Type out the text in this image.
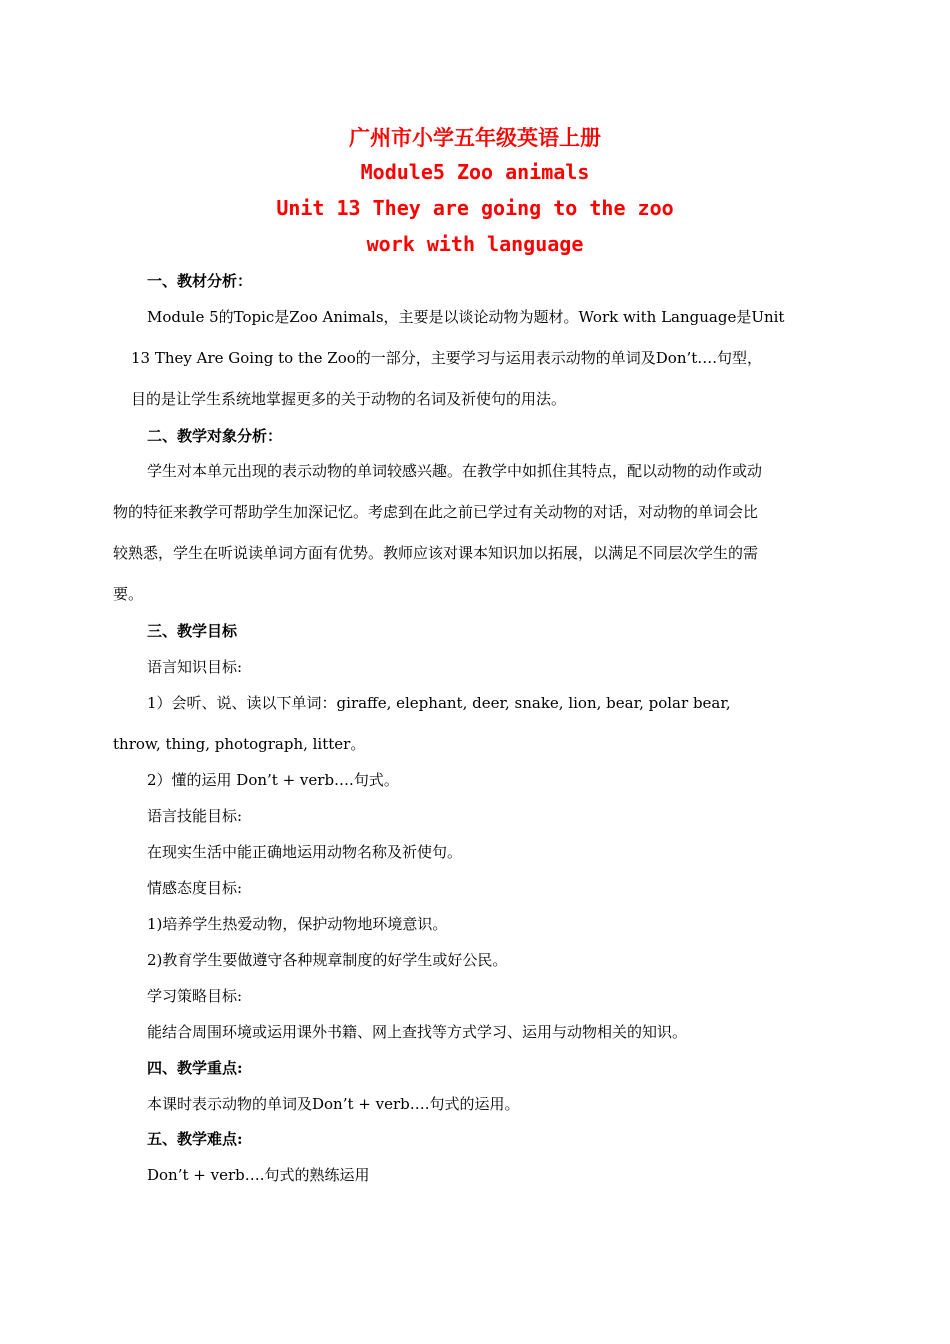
广州市小学五年级英语上册
Module5 Zoo animals
Unit 13 They are going to the zoo
work with language
一、教材分析：
Module 5的Topic是Zoo Animals，主要是以谈论动物为题材。Work with Language是Unit
13 They Are Going to the Zoo的一部分，主要学习与运用表示动物的单词及Don’t….句型，
目的是让学生系统地掌握更多的关于动物的名词及祈使句的用法。
二、教学对象分析：
学生对本单元出现的表示动物的单词较感兴趣。在教学中如抓住其特点，配以动物的动作或动
物的特征来教学可帮助学生加深记忆。考虑到在此之前已学过有关动物的对话，对动物的单词会比
较熟悉，学生在听说读单词方面有优势。教师应该对课本知识加以拓展，以满足不同层次学生的需
要。
三、教学目标
语言知识目标:
1）会听、说、读以下单词：giraffe, elephant, deer, snake, lion, bear, polar bear,
throw, thing, photograph, litter。
2）懂的运用 Don’t + verb….句式。
语言技能目标:
在现实生活中能正确地运用动物名称及祈使句。
情感态度目标:
1)培养学生热爱动物，保护动物地环境意识。
2)教育学生要做遵守各种规章制度的好学生或好公民。
学习策略目标:
能结合周围环境或运用课外书籍、网上查找等方式学习、运用与动物相关的知识。
四、教学重点:
本课时表示动物的单词及Don’t + verb….句式的运用。
五、教学难点:
Don’t + verb….句式的熟练运用
